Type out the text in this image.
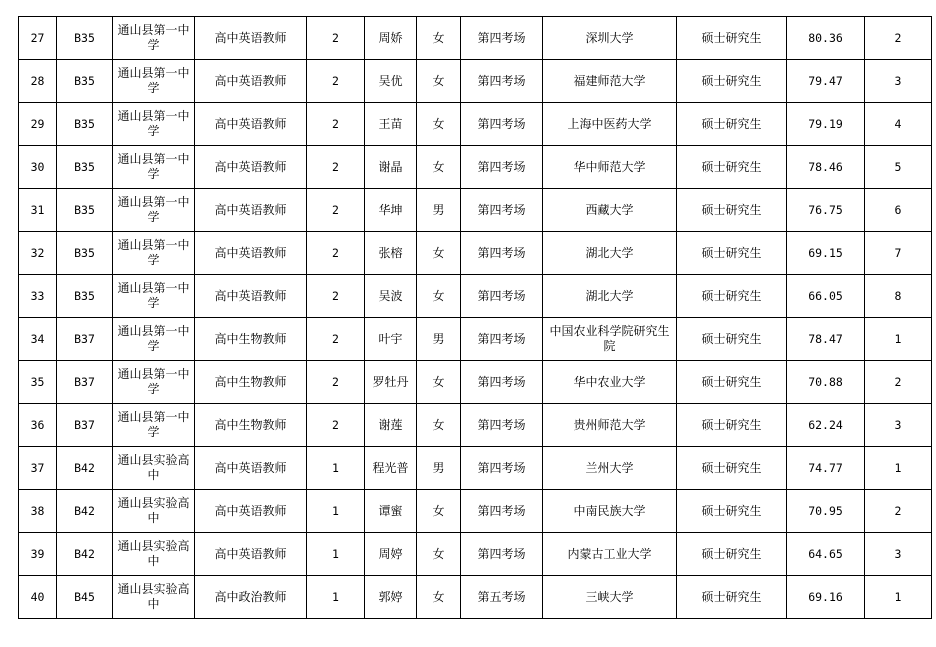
27	B35	通山县第一中学	高中英语教师	2	周娇	女	第四考场	深圳大学	硕士研究生	80.36	2
28	B35	通山县第一中学	高中英语教师	2	吴优	女	第四考场	福建师范大学	硕士研究生	79.47	3
29	B35	通山县第一中学	高中英语教师	2	王苗	女	第四考场	上海中医药大学	硕士研究生	79.19	4
30	B35	通山县第一中学	高中英语教师	2	谢晶	女	第四考场	华中师范大学	硕士研究生	78.46	5
31	B35	通山县第一中学	高中英语教师	2	华坤	男	第四考场	西藏大学	硕士研究生	76.75	6
32	B35	通山县第一中学	高中英语教师	2	张榕	女	第四考场	湖北大学	硕士研究生	69.15	7
33	B35	通山县第一中学	高中英语教师	2	吴波	女	第四考场	湖北大学	硕士研究生	66.05	8
34	B37	通山县第一中学	高中生物教师	2	叶宇	男	第四考场	中国农业科学院研究生院	硕士研究生	78.47	1
35	B37	通山县第一中学	高中生物教师	2	罗牡丹	女	第四考场	华中农业大学	硕士研究生	70.88	2
36	B37	通山县第一中学	高中生物教师	2	谢莲	女	第四考场	贵州师范大学	硕士研究生	62.24	3
37	B42	通山县实验高中	高中英语教师	1	程光普	男	第四考场	兰州大学	硕士研究生	74.77	1
38	B42	通山县实验高中	高中英语教师	1	谭蜜	女	第四考场	中南民族大学	硕士研究生	70.95	2
39	B42	通山县实验高中	高中英语教师	1	周婷	女	第四考场	内蒙古工业大学	硕士研究生	64.65	3
40	B45	通山县实验高中	高中政治教师	1	郭婷	女	第五考场	三峡大学	硕士研究生	69.16	1
